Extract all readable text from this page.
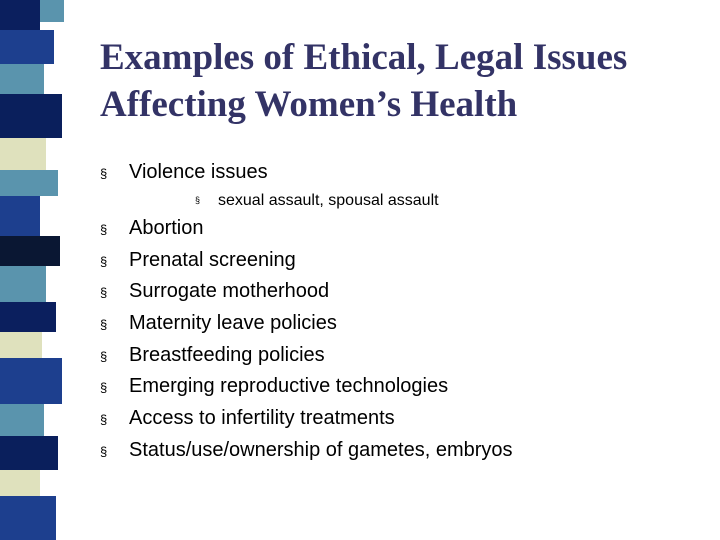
Examples of Ethical, Legal Issues
Affecting Women’s Health
§ Violence issues
§ sexual assault, spousal assault
§ Abortion
§ Prenatal screening
§ Surrogate motherhood
§ Maternity leave policies
§ Breastfeeding policies
§ Emerging reproductive technologies
§ Access to infertility treatments
§ Status/use/ownership of gametes, embryos
